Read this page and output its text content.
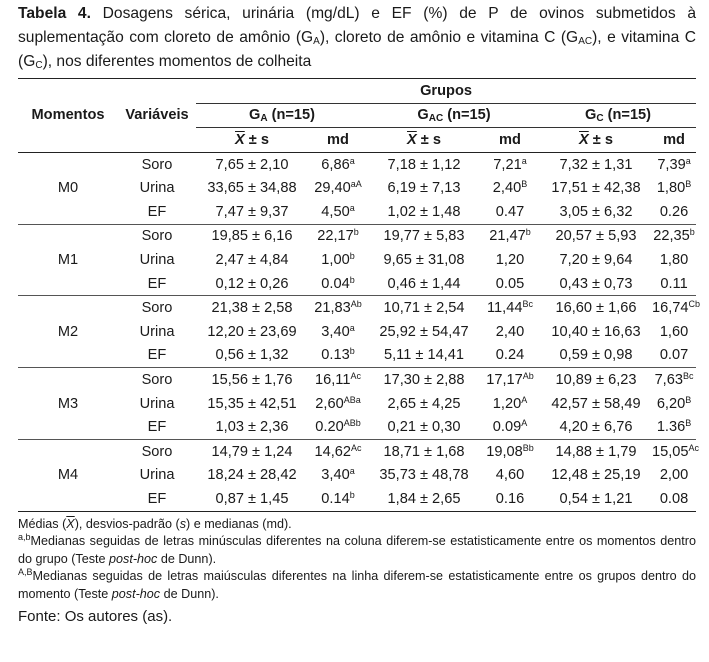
Tabela 4. Dosagens sérica, urinária (mg/dL) e EF (%) de P de ovinos submetidos à suplementação com cloreto de amônio $(G_A)$, cloreto de amônio e vitamina C $(G_{AC})$, e vitamina C $(G_C)$, nos diferentes momentos de colheita

Momentos	Variáveis	Grupos					
		$G_A$ (n=15)		$G_{AC}$ (n=15)		$G_C$ (n=15)	
		$\overline{X} \pm s$	md	$\overline{X} \pm s$	md	$\overline{X} \pm s$	md
M0	Soro	7,65 ± 2,10	6,86$^a$	7,18 ± 1,12	7,21$^a$	7,32 ± 1,31	7,39$^a$
	Urina	33,65 ± 34,88	$29,40^{aA}$	6,19 ± 7,13	$2,40^B$	17,51 ± 42,38	$1,80^B$
	EF	7,47 ± 9,37	4,50$^a$	1,02 ± 1,48	0.47	3,05 ± 6,32	0.26
M1	Soro	19,85 ± 6,16	22,17$^b$	19,77 ± 5,83	21,47$^b$	20,57 ± 5,93	22,35$^b$
	Urina	2,47 ± 4,84	1,00$^b$	9,65 ± 31,08	1,20	7,20 ± 9,64	1,80
	EF	0,12 ± 0,26	0.04$^b$	0,46 ± 1,44	0.05	0,43 ± 0,73	0.11
M2	Soro	21,38 ± 2,58	$21,83^{Ab}$	10,71 ± 2,54	$11,44^{Bc}$	16,60 ± 1,66	$16,74^{Cb}$
	Urina	12,20 ± 23,69	3,40$^a$	25,92 ± 54,47	2,40	10,40 ± 16,63	1,60
	EF	0,56 ± 1,32	0.13$^b$	5,11 ± 14,41	0.24	0,59 ± 0,98	0.07
M3	Soro	15,56 ± 1,76	$16,11^{Ac}$	17,30 ± 2,88	$17,17^{Ab}$	10,89 ± 6,23	$7,63^{Bc}$
	Urina	15,35 ± 42,51	$2,60^{ABa}$	2,65 ± 4,25	$1,20^A$	42,57 ± 58,49	$6,20^B$
	EF	1,03 ± 2,36	$0.20^{ABb}$	0,21 ± 0,30	$0.09^A$	4,20 ± 6,76	$1.36^B$
M4	Soro	14,79 ± 1,24	$14,62^{Ac}$	18,71 ± 1,68	$19,08^{Bb}$	14,88 ± 1,79	$15,05^{Ac}$
	Urina	18,24 ± 28,42	3,40$^a$	35,73 ± 48,78	4,60	12,48 ± 25,19	2,00
	EF	0,87 ± 1,45	0.14$^b$	1,84 ± 2,65	0.16	0,54 ± 1,21	0.08

Médias $(\overline{X})$, desvios-padrão (s) e medianas (md).

$^{a,b}$Medianas seguidas de letras minúsculas diferentes na coluna diferem-se estatisticamente entre os momentos dentro do grupo (Teste post-hoc de Dunn).

$^{A,B}$Medianas seguidas de letras maiúsculas diferentes na linha diferem-se estatisticamente entre os grupos dentro do momento (Teste post-hoc de Dunn).

Fonte: Os autores (as).
